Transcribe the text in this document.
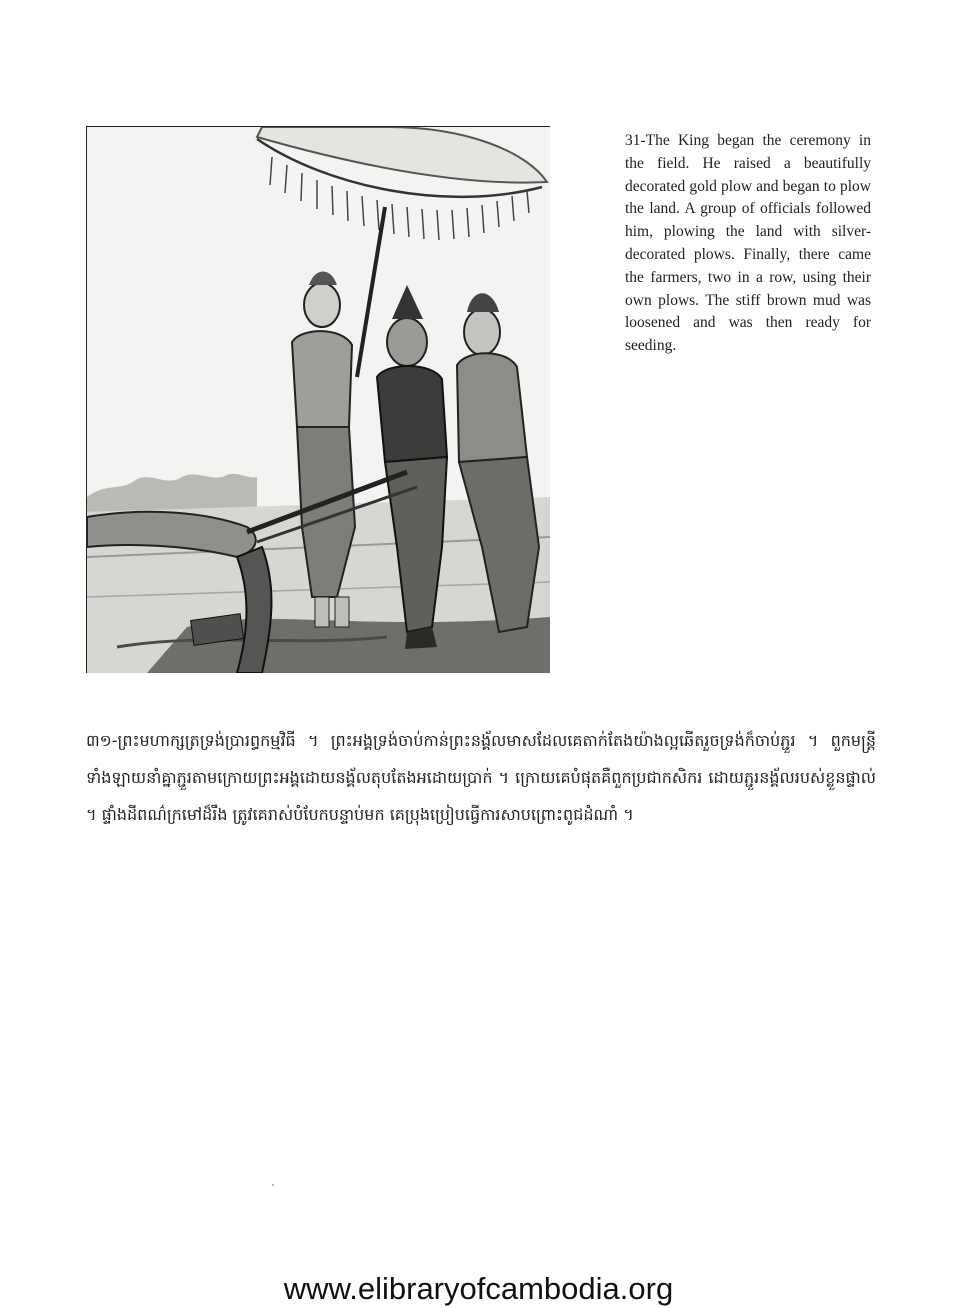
31-The King began the ceremony in the field. He raised a beautifully decorated gold plow and began to plow the land. A group of officials followed him, plowing the land with silver-decorated plows. Finally, there came the farmers, two in a row, using their own plows. The stiff brown mud was loosened and was then ready for seeding.

៣១-ព្រះមហាក្សត្រទ្រង់ប្រារព្ធកម្មវិធី ។ ព្រះអង្គទ្រង់ចាប់កាន់ព្រះនង្គ័លមាសដែលគេតាក់តែងយ៉ាងល្អឆើតរួចទ្រង់ក៏ចាប់ភ្ជួរ ។ ពួកមន្ត្រីទាំងឡាយនាំគ្នាភ្ជួរតាមក្រោយព្រះអង្គដោយនង្គ័លតុបតែងអដោយប្រាក់ ។ ក្រោយគេបំផុតគឺពួកប្រជាកសិករ ដោយភ្ជួរនង្គ័លរបស់ខ្លួនផ្ទាល់ ។ ផ្ទាំងដីពណ៌ក្រមៅដ៏រឹង ត្រូវគេរាស់បំបែកបន្ទាប់មក គេប្រុងប្រៀបធ្វើការសាបព្រោះពូជដំណាំ ។

www.elibraryofcambodia.org
